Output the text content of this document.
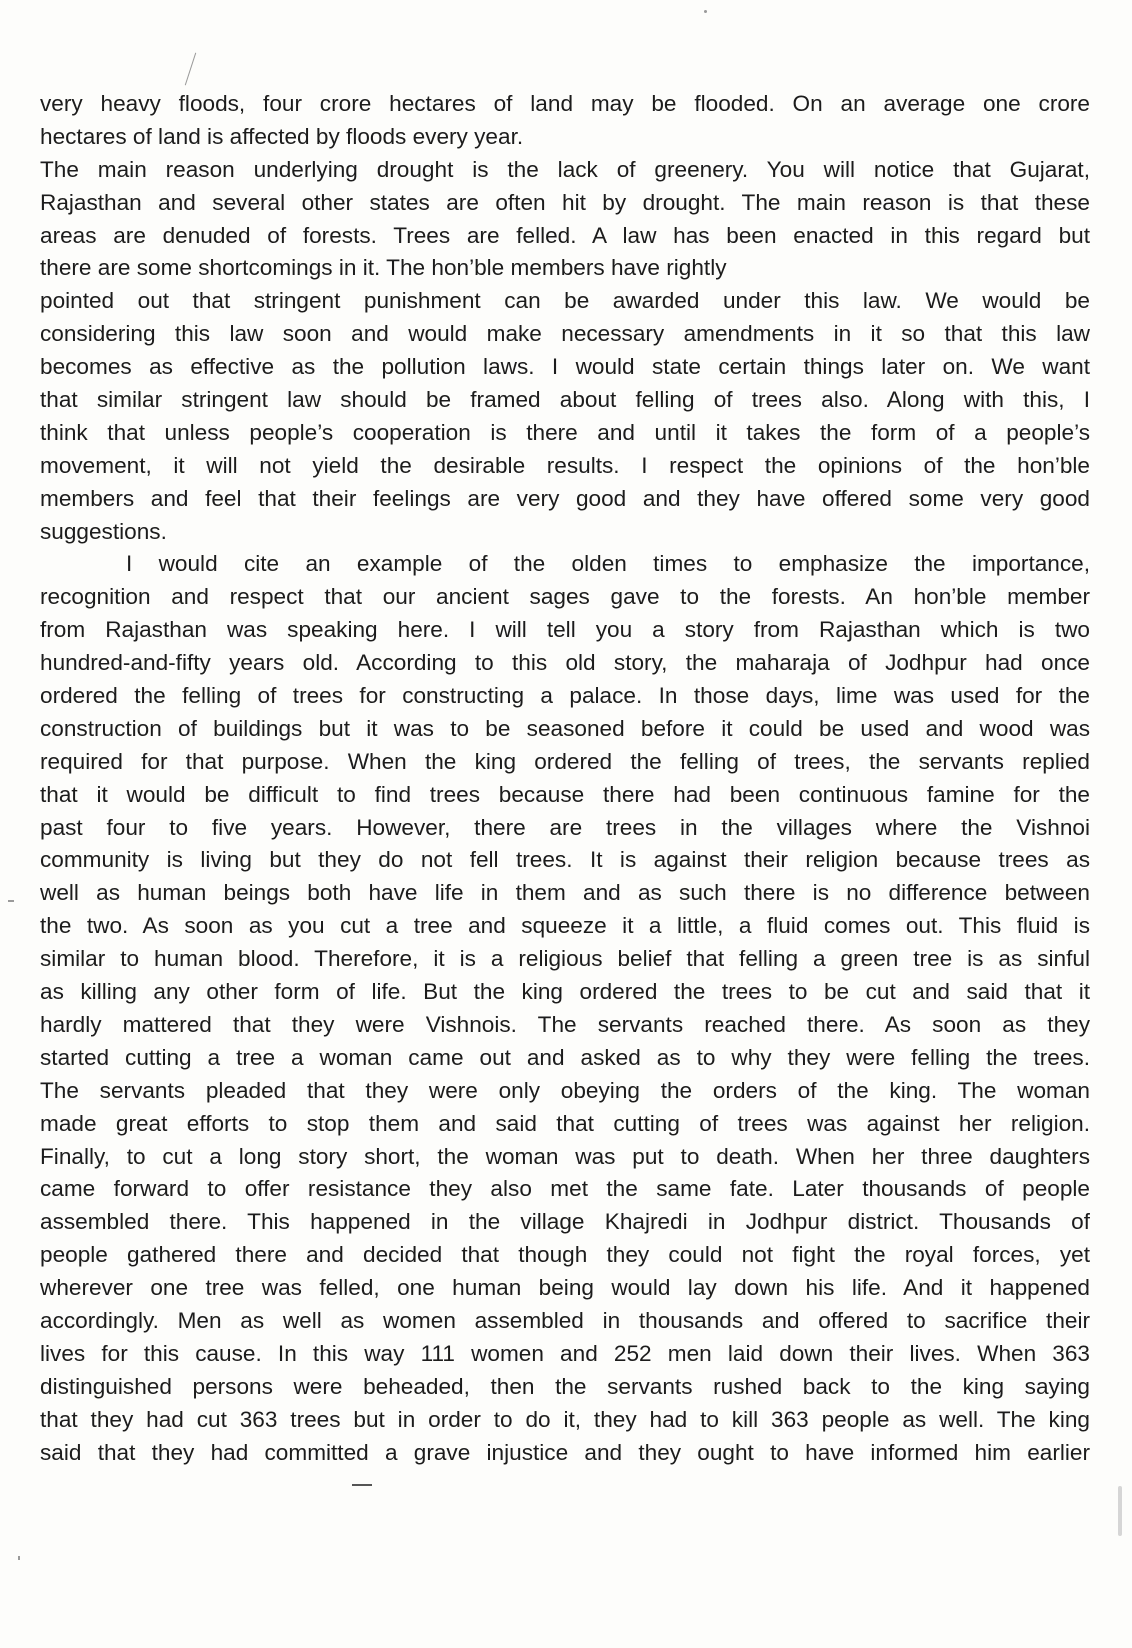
very heavy floods, four crore hectares of land may be flooded. On an average one crore
hectares of land is affected by floods every year.
The main reason underlying drought is the lack of greenery. You will notice that Gujarat,
Rajasthan and several other states are often hit by drought. The main reason is that these
areas are denuded of forests. Trees are felled. A law has been enacted in this regard but
there are some shortcomings in it. The hon’ble members have rightly
pointed out that stringent punishment can be awarded under this law. We would be
considering this law soon and would make necessary amendments in it so that this law
becomes as effective as the pollution laws. I would state certain things later on. We want
that similar stringent law should be framed about felling of trees also. Along with this, I
think that unless people’s cooperation is there and until it takes the form of a people’s
movement, it will not yield the desirable results. I respect the opinions of the hon’ble
members and feel that their feelings are very good and they have offered some very good
suggestions.
I would cite an example of the olden times to emphasize the importance,
recognition and respect that our ancient sages gave to the forests. An hon’ble member
from Rajasthan was speaking here. I will tell you a story from Rajasthan which is two
hundred-and-fifty years old. According to this old story, the maharaja of Jodhpur had once
ordered the felling of trees for constructing a palace. In those days, lime was used for the
construction of buildings but it was to be seasoned before it could be used and wood was
required for that purpose. When the king ordered the felling of trees, the servants replied
that it would be difficult to find trees because there had been continuous famine for the
past four to five years. However, there are trees in the villages where the Vishnoi
community is living but they do not fell trees. It is against their religion because trees as
well as human beings both have life in them and as such there is no difference between
the two. As soon as you cut a tree and squeeze it a little, a fluid comes out. This fluid is
similar to human blood. Therefore, it is a religious belief that felling a green tree is as sinful
as killing any other form of life. But the king ordered the trees to be cut and said that it
hardly mattered that they were Vishnois. The servants reached there. As soon as they
started cutting a tree a woman came out and asked as to why they were felling the trees.
The servants pleaded that they were only obeying the orders of the king. The woman
made great efforts to stop them and said that cutting of trees was against her religion.
Finally, to cut a long story short, the woman was put to death. When her three daughters
came forward to offer resistance they also met the same fate. Later thousands of people
assembled there. This happened in the village Khajredi in Jodhpur district. Thousands of
people gathered there and decided that though they could not fight the royal forces, yet
wherever one tree was felled, one human being would lay down his life. And it happened
accordingly. Men as well as women assembled in thousands and offered to sacrifice their
lives for this cause. In this way 111 women and 252 men laid down their lives. When 363
distinguished persons were beheaded, then the servants rushed back to the king saying
that they had cut 363 trees but in order to do it, they had to kill 363 people as well. The king
said that they had committed a grave injustice and they ought to have informed him earlier
